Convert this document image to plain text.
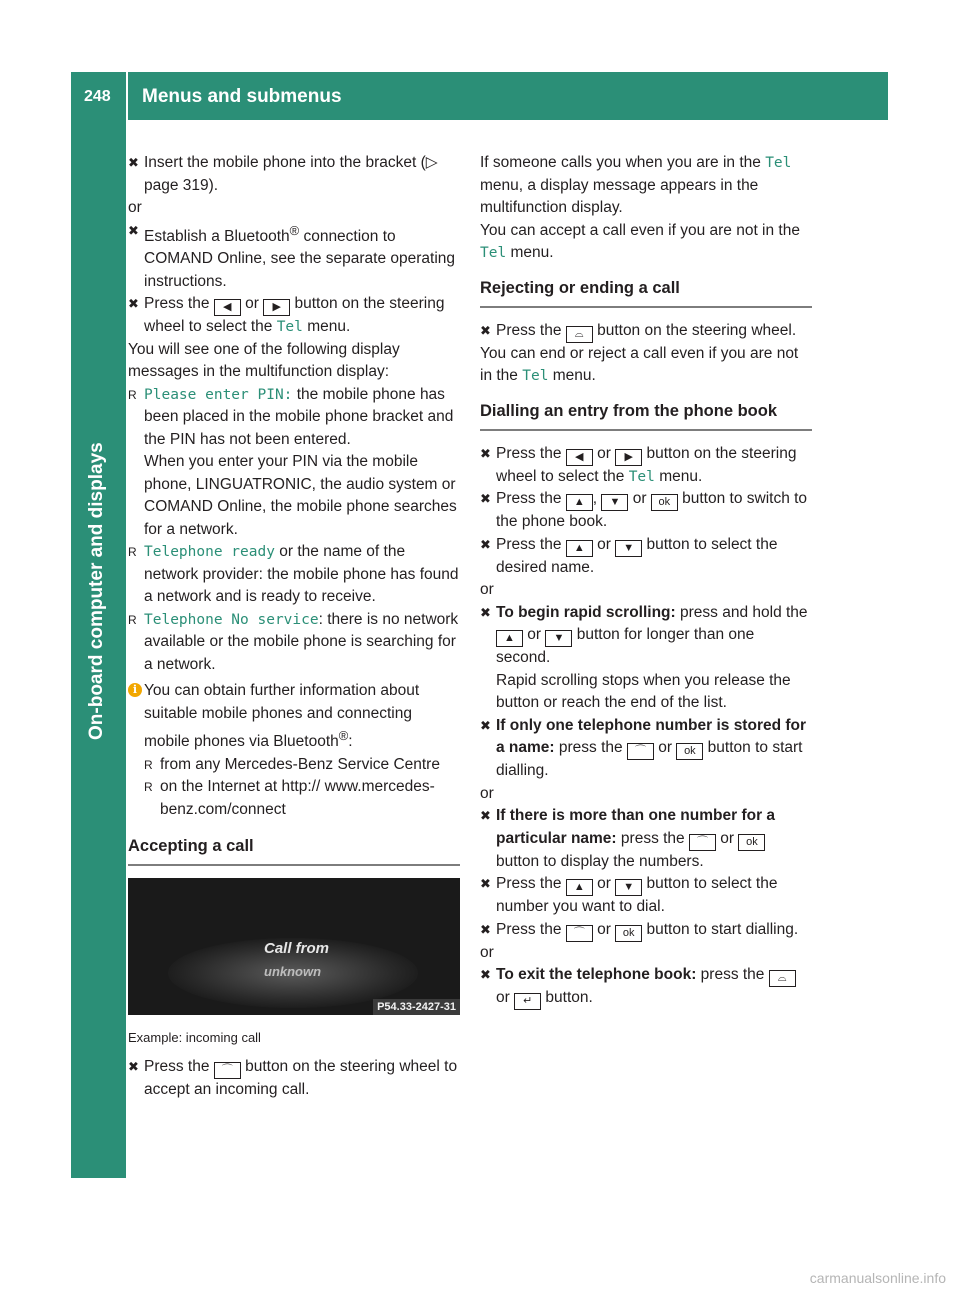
248 Menus and submenus
On-board computer and displays

✖ Insert the mobile phone into the bracket (▷ page 319).

or

✖ Establish a Bluetooth® connection to COMAND Online, see the separate operating instructions.

✖ Press the ◀ or ▶ button on the steering wheel to select the Tel menu.

You will see one of the following display messages in the multifunction display:

R Please enter PIN: the mobile phone has been placed in the mobile phone bracket and the PIN has not been entered.

When you enter your PIN via the mobile phone, LINGUATRONIC, the audio system or COMAND Online, the mobile phone searches for a network.

R Telephone ready or the name of the network provider: the mobile phone has found a network and is ready to receive.

R Telephone No service: there is no network available or the mobile phone is searching for a network.

i You can obtain further information about suitable mobile phones and connecting mobile phones via Bluetooth®:

R from any Mercedes-Benz Service Centre

R on the Internet at http:// www.mercedes-benz.com/connect

Accepting a call
Call from
unknown
P54.33-2427-31

Example: incoming call

✖ Press the ⌒ button on the steering wheel to accept an incoming call.

If someone calls you when you are in the Tel menu, a display message appears in the multifunction display.

You can accept a call even if you are not in the Tel menu.

Rejecting or ending a call

✖ Press the ⌓ button on the steering wheel.

You can end or reject a call even if you are not in the Tel menu.

Dialling an entry from the phone book

✖ Press the ◀ or ▶ button on the steering wheel to select the Tel menu.

✖ Press the ▲ , ▼ or ok button to switch to the phone book.

✖ Press the ▲ or ▼ button to select the desired name.

or

✖ To begin rapid scrolling: press and hold the ▲ or ▼ button for longer than one second.

Rapid scrolling stops when you release the button or reach the end of the list.

✖ If only one telephone number is stored for a name: press the ⌒ or ok button to start dialling.

or

✖ If there is more than one number for a particular name: press the ⌒ or ok button to display the numbers.

✖ Press the ▲ or ▼ button to select the number you want to dial.

✖ Press the ⌒ or ok button to start dialling.

or

✖ To exit the telephone book: press the ⌓ or ↵ button.

carmanualsonline.info
